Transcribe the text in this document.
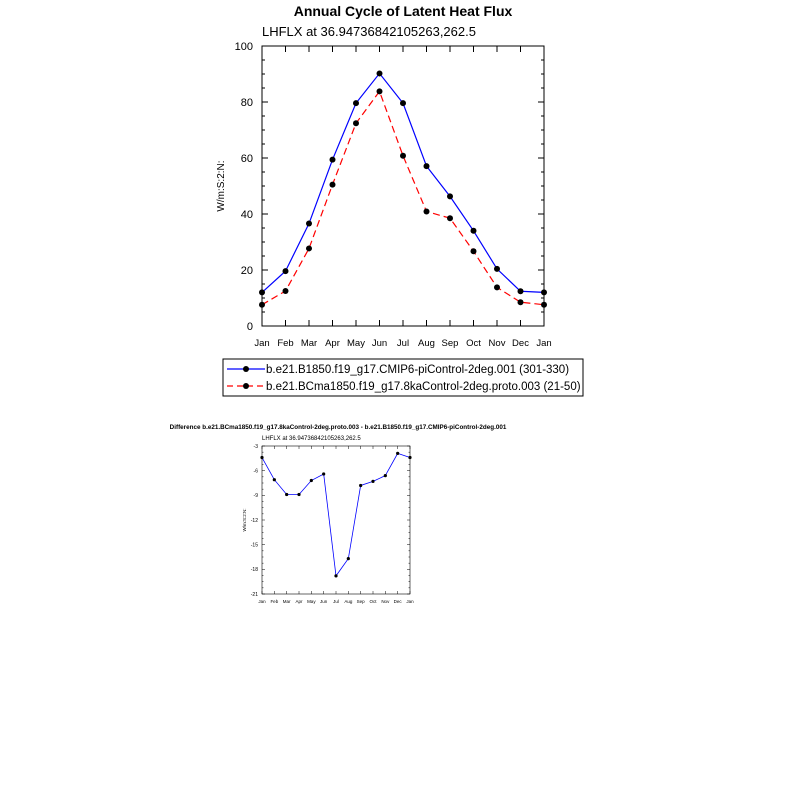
Annual Cycle of Latent Heat Flux
LHFLX at 36.94736842105263,262.5
W/m:S:2:N:
0
20
40
60
80
100
Jan Feb Mar Apr May Jun Jul Aug Sep Oct Nov Dec Jan
b.e21.B1850.f19_g17.CMIP6-piControl-2deg.001 (301-330)
b.e21.BCma1850.f19_g17.8kaControl-2deg.proto.003 (21-50)
Difference b.e21.BCma1850.f19_g17.8kaControl-2deg.proto.003 - b.e21.B1850.f19_g17.CMIP6-piControl-2deg.001
LHFLX at 36.94736842105263,262.5
W/m:S:2:N:
-21
-18
-15
-12
-9
-6
-3
Jan Feb Mar Apr May Jun Jul Aug Sep Oct Nov Dec Jan
